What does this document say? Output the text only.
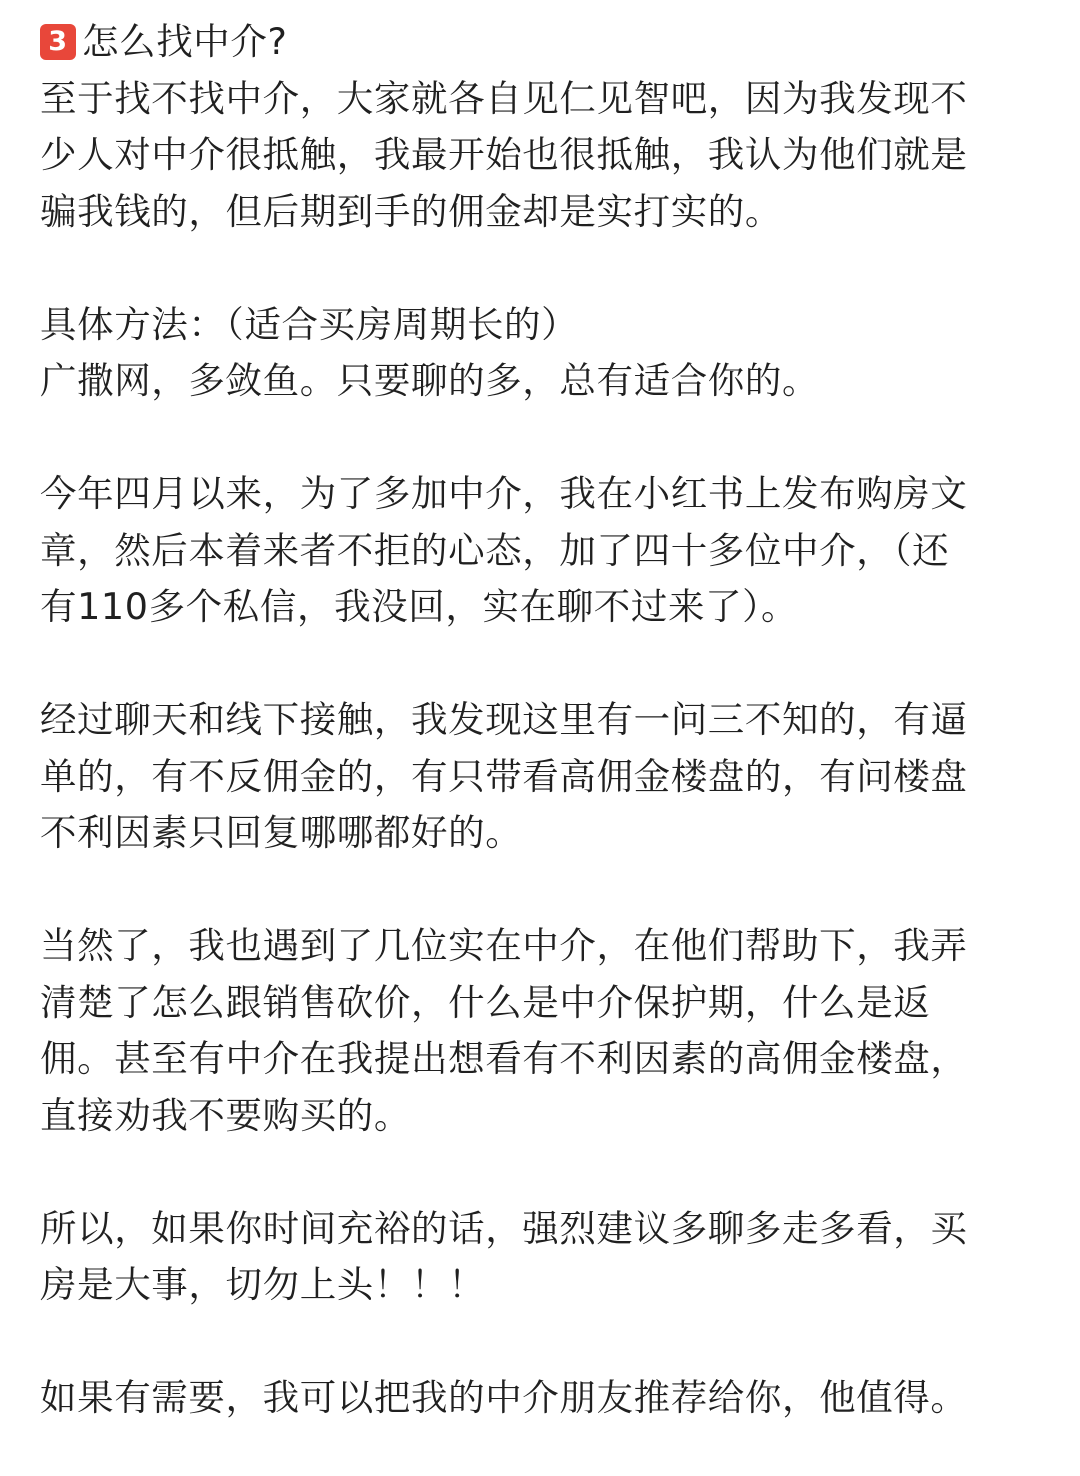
3 怎么找中介?
至于找不找中介，大家就各自见仁见智吧，因为我发现不
少人对中介很抵触，我最开始也很抵触，我认为他们就是
骗我钱的，但后期到手的佣金却是实打实的。
具体方法：（适合买房周期长的）
广撒网，多敛鱼。只要聊的多，总有适合你的。
今年四月以来，为了多加中介，我在小红书上发布购房文
章，然后本着来者不拒的心态，加了四十多位中介，（还
有110多个私信，我没回，实在聊不过来了）。
经过聊天和线下接触，我发现这里有一问三不知的，有逼
单的，有不反佣金的，有只带看高佣金楼盘的，有问楼盘
不利因素只回复哪哪都好的。
当然了，我也遇到了几位实在中介，在他们帮助下，我弄
清楚了怎么跟销售砍价，什么是中介保护期，什么是返
佣。甚至有中介在我提出想看有不利因素的高佣金楼盘，
直接劝我不要购买的。
所以，如果你时间充裕的话，强烈建议多聊多走多看，买
房是大事，切勿上头！！！
如果有需要，我可以把我的中介朋友推荐给你，他值得。
